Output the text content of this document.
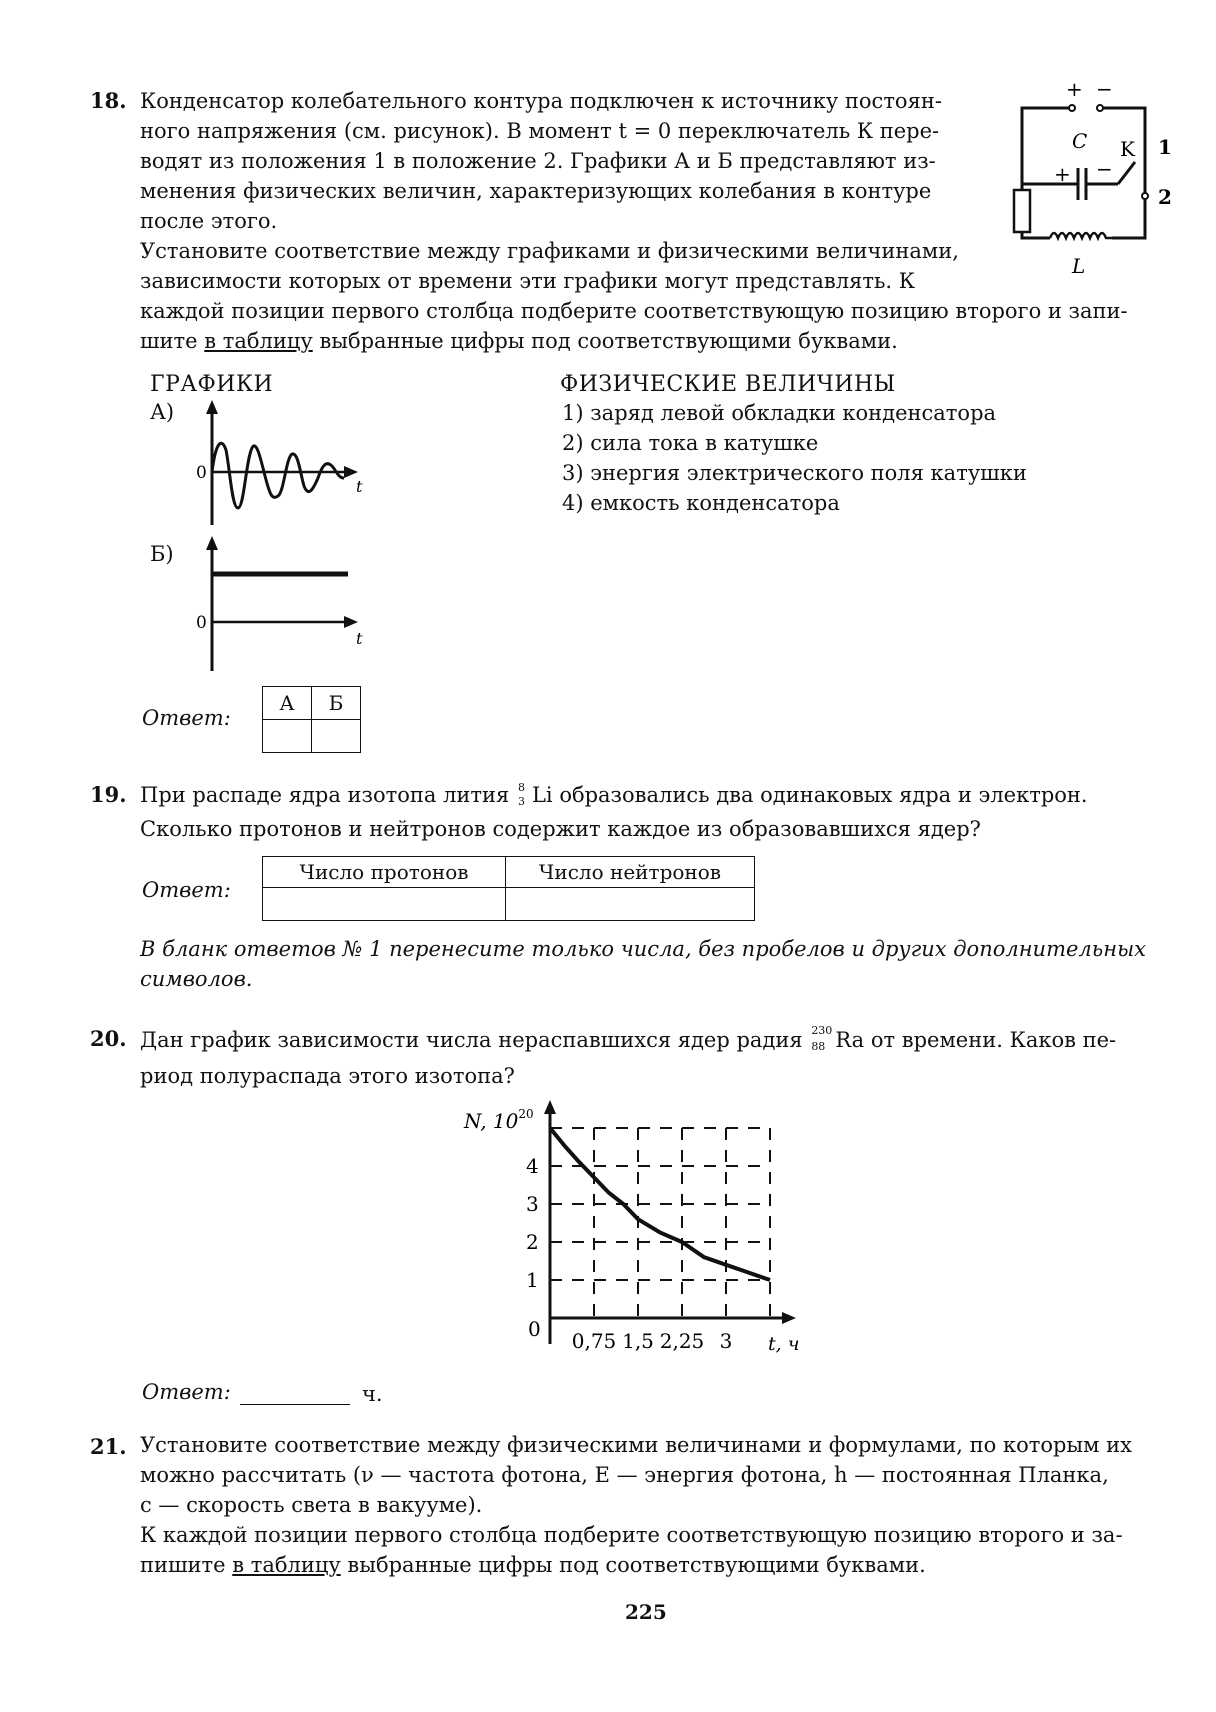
18. Конденсатор колебательного контура подключен к источнику постоян-
ного напряжения (см. рисунок). В момент t = 0 переключатель К пере-
водят из положения 1 в положение 2. Графики А и Б представляют из-
менения физических величин, характеризующих колебания в контуре
после этого.
Установите соответствие между графиками и физическими величинами,
зависимости которых от времени эти графики могут представлять. К
каждой позиции первого столбца подберите соответствующую позицию второго и запи-
шите в таблицу выбранные цифры под соответствующими буквами.
+ −
C
+ −
K 1
2
L
ГРАФИКИ
А)
0
t
Б)
0
t
ФИЗИЧЕСКИЕ ВЕЛИЧИНЫ
1) заряд левой обкладки конденсатора
2) сила тока в катушке
3) энергия электрического поля катушки
4) емкость конденсатора
Ответ:
А	Б

19. При распаде ядра изотопа лития 8
3 Li образовались два одинаковых ядра и электрон.
Сколько протонов и нейтронов содержит каждое из образовавшихся ядер?
Ответ:
Число протонов	Число нейтронов

В бланк ответов № 1 перенесите только числа, без пробелов и других дополнительных
символов.
20. Дан график зависимости числа нераспавшихся ядер радия 230
88 Ra от времени. Каков пе-
риод полураспада этого изотопа?
N, $10^{20}$
0
t, ч
1
2
3
4
0,75 1,5 2,25 3
Ответ:	ч.
21. Установите соответствие между физическими величинами и формулами, по которым их
можно рассчитать (ν — частота фотона, E — энергия фотона, h — постоянная Планка,
c — скорость света в вакууме).
К каждой позиции первого столбца подберите соответствующую позицию второго и за-
пишите в таблицу выбранные цифры под соответствующими буквами.
225
